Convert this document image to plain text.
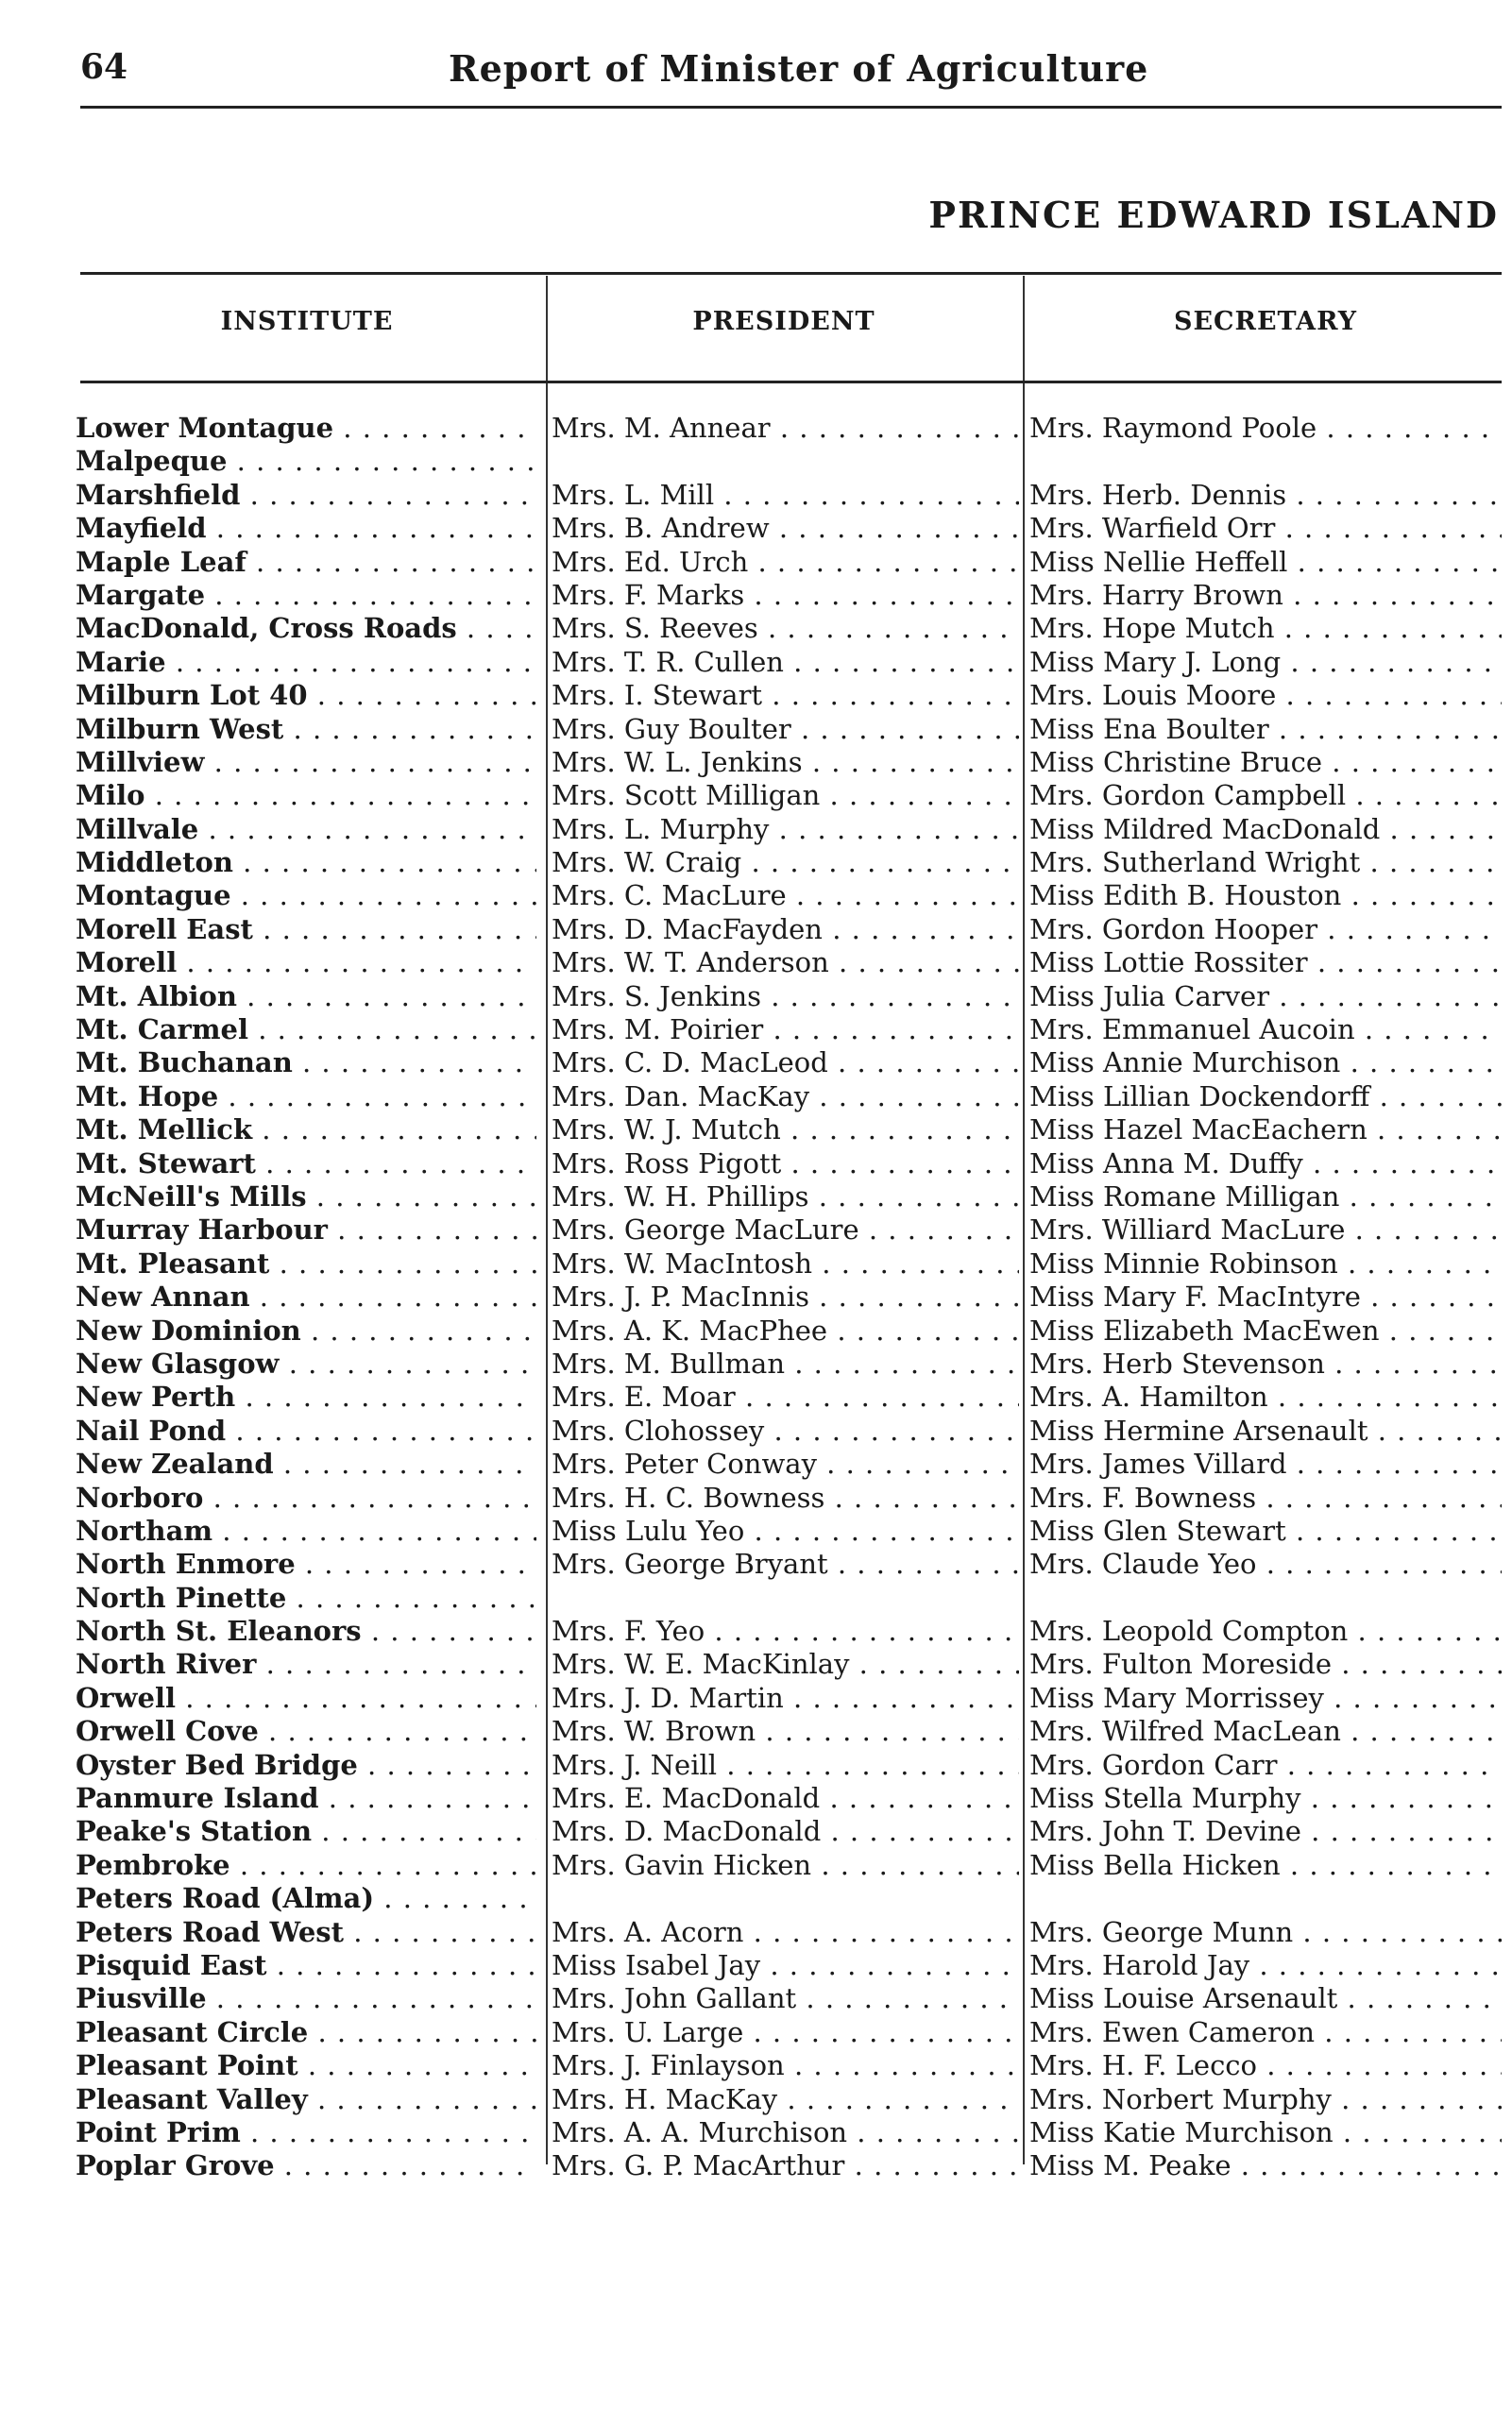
64	Report of Minister of Agriculture
PRINCE EDWARD ISLAND
INSTITUTE	PRESIDENT	SECRETARY
Lower Montague . . .	Mrs. M. Annear . . .	Mrs. Raymond Poole . . .
Malpeque . . .
Marshfield . . .	Mrs. L. Mill . . .	Mrs. Herb. Dennis . . .
Mayfield . . .	Mrs. B. Andrew . . .	Mrs. Warfield Orr . . .
Maple Leaf . . .	Mrs. Ed. Urch . . .	Miss Nellie Heffell . . .
Margate . . .	Mrs. F. Marks . . .	Mrs. Harry Brown . . .
MacDonald, Cross Roads . . .	Mrs. S. Reeves . . .	Mrs. Hope Mutch . . .
Marie . . .	Mrs. T. R. Cullen . . .	Miss Mary J. Long . . .
Milburn Lot 40 . . .	Mrs. I. Stewart . . .	Mrs. Louis Moore . . .
Milburn West . . .	Mrs. Guy Boulter . . .	Miss Ena Boulter . . .
Millview . . .	Mrs. W. L. Jenkins . . .	Miss Christine Bruce . . .
Milo . . .	Mrs. Scott Milligan . . .	Mrs. Gordon Campbell . . .
Millvale . . .	Mrs. L. Murphy . . .	Miss Mildred MacDonald . . .
Middleton . . .	Mrs. W. Craig . . .	Mrs. Sutherland Wright . . .
Montague . . .	Mrs. C. MacLure . . .	Miss Edith B. Houston . . .
Morell East . . .	Mrs. D. MacFayden . . .	Mrs. Gordon Hooper . . .
Morell . . .	Mrs. W. T. Anderson . . .	Miss Lottie Rossiter . . .
Mt. Albion . . .	Mrs. S. Jenkins . . .	Miss Julia Carver . . .
Mt. Carmel . . .	Mrs. M. Poirier . . .	Mrs. Emmanuel Aucoin . . .
Mt. Buchanan . . .	Mrs. C. D. MacLeod . . .	Miss Annie Murchison . . .
Mt. Hope . . .	Mrs. Dan. MacKay . . .	Miss Lillian Dockendorff . . .
Mt. Mellick . . .	Mrs. W. J. Mutch . . .	Miss Hazel MacEachern . . .
Mt. Stewart . . .	Mrs. Ross Pigott . . .	Miss Anna M. Duffy . . .
McNeill's Mills . . .	Mrs. W. H. Phillips . . .	Miss Romane Milligan . . .
Murray Harbour . . .	Mrs. George MacLure . . .	Mrs. Williard MacLure . . .
Mt. Pleasant . . .	Mrs. W. MacIntosh . . .	Miss Minnie Robinson . . .
New Annan . . .	Mrs. J. P. MacInnis . . .	Miss Mary F. MacIntyre . . .
New Dominion . . .	Mrs. A. K. MacPhee . . .	Miss Elizabeth MacEwen . . .
New Glasgow . . .	Mrs. M. Bullman . . .	Mrs. Herb Stevenson . . .
New Perth . . .	Mrs. E. Moar . . .	Mrs. A. Hamilton . . .
Nail Pond . . .	Mrs. Clohossey . . .	Miss Hermine Arsenault . . .
New Zealand . . .	Mrs. Peter Conway . . .	Mrs. James Villard . . .
Norboro . . .	Mrs. H. C. Bowness . . .	Mrs. F. Bowness . . .
Northam . . .	Miss Lulu Yeo . . .	Miss Glen Stewart . . .
North Enmore . . .	Mrs. George Bryant . . .	Mrs. Claude Yeo . . .
North Pinette . . .
North St. Eleanors . . .	Mrs. F. Yeo . . .	Mrs. Leopold Compton . . .
North River . . .	Mrs. W. E. MacKinlay . . .	Mrs. Fulton Moreside . . .
Orwell . . .	Mrs. J. D. Martin . . .	Miss Mary Morrissey . . .
Orwell Cove . . .	Mrs. W. Brown . . .	Mrs. Wilfred MacLean . . .
Oyster Bed Bridge . . .	Mrs. J. Neill . . .	Mrs. Gordon Carr . . .
Panmure Island . . .	Mrs. E. MacDonald . . .	Miss Stella Murphy . . .
Peake's Station . . .	Mrs. D. MacDonald . . .	Mrs. John T. Devine . . .
Pembroke . . .	Mrs. Gavin Hicken . . .	Miss Bella Hicken . . .
Peters Road (Alma) . . .
Peters Road West . . .	Mrs. A. Acorn . . .	Mrs. George Munn . . .
Pisquid East . . .	Miss Isabel Jay . . .	Mrs. Harold Jay . . .
Piusville . . .	Mrs. John Gallant . . .	Miss Louise Arsenault . . .
Pleasant Circle . . .	Mrs. U. Large . . .	Mrs. Ewen Cameron . . .
Pleasant Point . . .	Mrs. J. Finlayson . . .	Mrs. H. F. Lecco . . .
Pleasant Valley . . .	Mrs. H. MacKay . . .	Mrs. Norbert Murphy . . .
Point Prim . . .	Mrs. A. A. Murchison . . .	Miss Katie Murchison . . .
Poplar Grove . . .	Mrs. G. P. MacArthur . . .	Miss M. Peake . . .
